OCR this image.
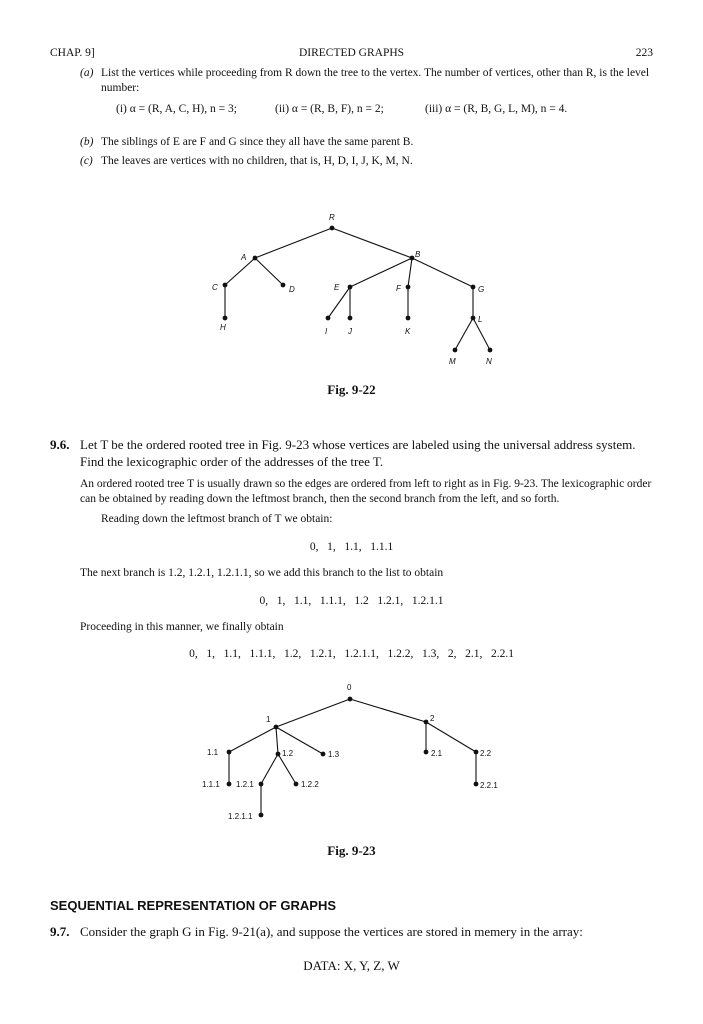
CHAP. 9]	DIRECTED GRAPHS	223
(a) List the vertices while proceeding from R down the tree to the vertex. The number of vertices, other than R, is the level number:
(i) α = (R, A, C, H), n = 3;	(ii) α = (R, B, F), n = 2;	(iii) α = (R, B, G, L, M), n = 4.
(b) The siblings of E are F and G since they all have the same parent B.
(c) The leaves are vertices with no children, that is, H, D, I, J, K, M, N.
R
A	B
C	D	E	F	G
H	I	J	K
L
M	N
Fig. 9-22
9.6. Let T be the ordered rooted tree in Fig. 9-23 whose vertices are labeled using the universal address system. Find the lexicographic order of the addresses of the tree T.
An ordered rooted tree T is usually drawn so the edges are ordered from left to right as in Fig. 9-23. The lexicographic order can be obtained by reading down the leftmost branch, then the second branch from the left, and so forth.
Reading down the leftmost branch of T we obtain:
0,   1,   1.1,   1.1.1
The next branch is 1.2, 1.2.1, 1.2.1.1, so we add this branch to the list to obtain
0,   1,   1.1,   1.1.1,   1.2   1.2.1,   1.2.1.1
Proceeding in this manner, we finally obtain
0,   1,   1.1,   1.1.1,   1.2,   1.2.1,   1.2.1.1,   1.2.2,   1.3,   2,   2.1,   2.2.1
0
1	2
1.1	1.2	1.3	2.1	2.2
1.1.1 1.2.1	1.2.2	2.2.1
1.2.1.1
Fig. 9-23
SEQUENTIAL REPRESENTATION OF GRAPHS
9.7. Consider the graph G in Fig. 9-21(a), and suppose the vertices are stored in memery in the array:
DATA: X, Y, Z, W
